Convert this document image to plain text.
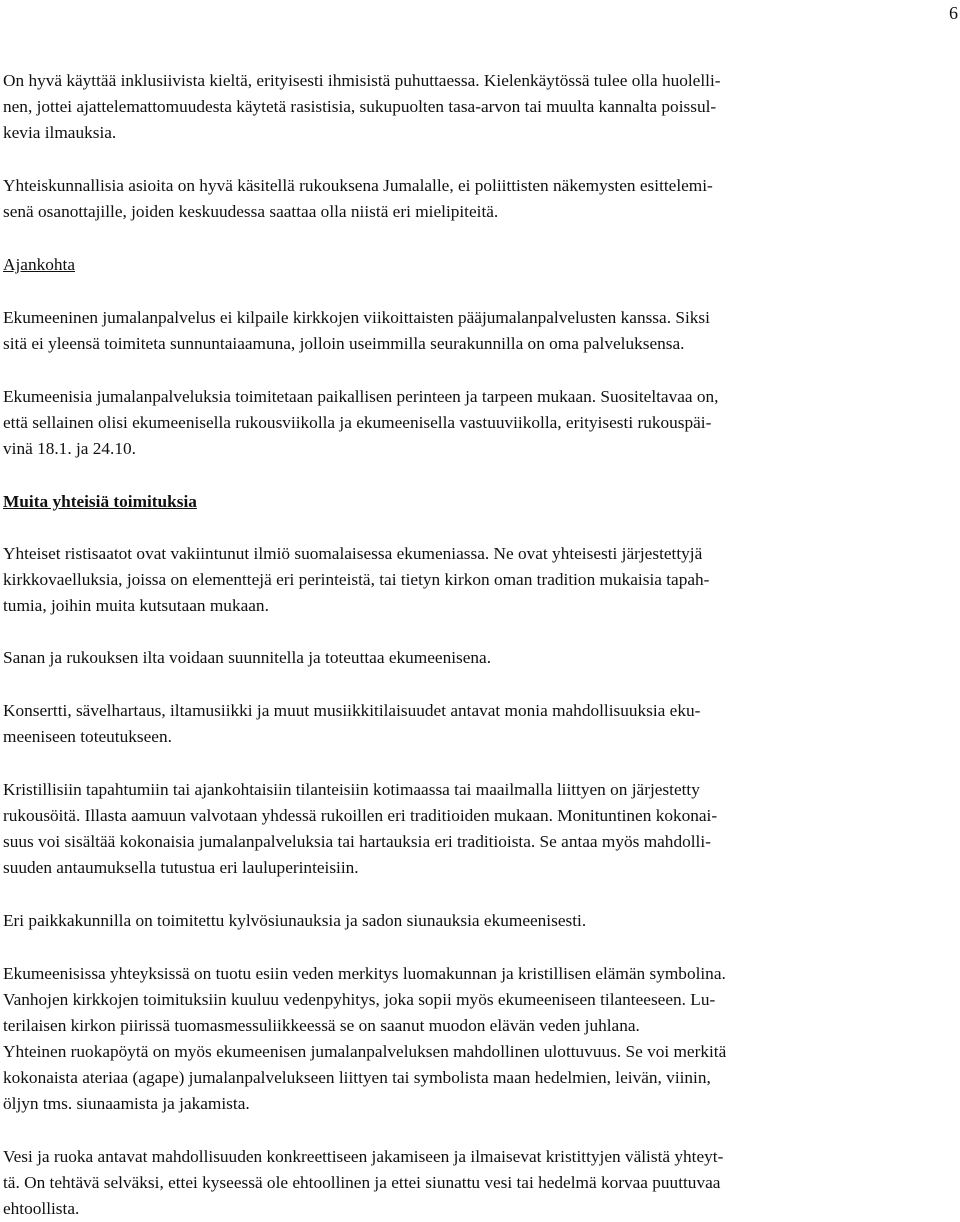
6

On hyvä käyttää inklusiivista kieltä, erityisesti ihmisistä puhuttaessa. Kielenkäytössä tulee olla huolelli-
nen, jottei ajattelemattomuudesta käytetä rasistisia, sukupuolten tasa-arvon tai muulta kannalta poissul-
kevia ilmauksia.

Yhteiskunnallisia asioita on hyvä käsitellä rukouksena Jumalalle, ei poliittisten näkemysten esittelemi-
senä osanottajille, joiden keskuudessa saattaa olla niistä eri mielipiteitä.

Ajankohta

Ekumeeninen jumalanpalvelus ei kilpaile kirkkojen viikoittaisten pääjumalanpalvelusten kanssa. Siksi
sitä ei yleensä toimiteta sunnuntaiaamuna, jolloin useimmilla seurakunnilla on oma palveluksensa.

Ekumeenisia jumalanpalveluksia toimitetaan paikallisen perinteen ja tarpeen mukaan. Suositeltavaa on,
että sellainen olisi ekumeenisella rukousviikolla ja ekumeenisella vastuuviikolla, erityisesti rukouspäi-
vinä 18.1. ja 24.10.

Muita yhteisiä toimituksia

Yhteiset ristisaatot ovat vakiintunut ilmiö suomalaisessa ekumeniassa. Ne ovat yhteisesti järjestettyjä
kirkkovaelluksia, joissa on elementtejä eri perinteistä, tai tietyn kirkon oman tradition mukaisia tapah-
tumia, joihin muita kutsutaan mukaan.

Sanan ja rukouksen ilta voidaan suunnitella ja toteuttaa ekumeenisena.

Konsertti, sävelhartaus, iltamusiikki ja muut musiikkitilaisuudet antavat monia mahdollisuuksia eku-
meeniseen toteutukseen.

Kristillisiin tapahtumiin tai ajankohtaisiin tilanteisiin kotimaassa tai maailmalla liittyen on järjestetty
rukousöitä. Illasta aamuun valvotaan yhdessä rukoillen eri traditioiden mukaan. Monituntinen kokonai-
suus voi sisältää kokonaisia jumalanpalveluksia tai hartauksia eri traditioista. Se antaa myös mahdolli-
suuden antaumuksella tutustua eri lauluperinteisiin.

Eri paikkakunnilla on toimitettu kylvösiunauksia ja sadon siunauksia ekumeenisesti.

Ekumeenisissa yhteyksissä on tuotu esiin veden merkitys luomakunnan ja kristillisen elämän symbolina.
Vanhojen kirkkojen toimituksiin kuuluu vedenpyhitys, joka sopii myös ekumeeniseen tilanteeseen. Lu-
terilaisen kirkon piirissä tuomasmessuliikkeessä se on saanut muodon elävän veden juhlana.
Yhteinen ruokapöytä on myös ekumeenisen jumalanpalveluksen mahdollinen ulottuvuus. Se voi merkitä
kokonaista ateriaa (agape) jumalanpalvelukseen liittyen tai symbolista maan hedelmien, leivän, viinin,
öljyn tms. siunaamista ja jakamista.

Vesi ja ruoka antavat mahdollisuuden konkreettiseen jakamiseen ja ilmaisevat kristittyjen välistä yhteyt-
tä. On tehtävä selväksi, ettei kyseessä ole ehtoollinen ja ettei siunattu vesi tai hedelmä korvaa puuttuvaa
ehtoollista.
